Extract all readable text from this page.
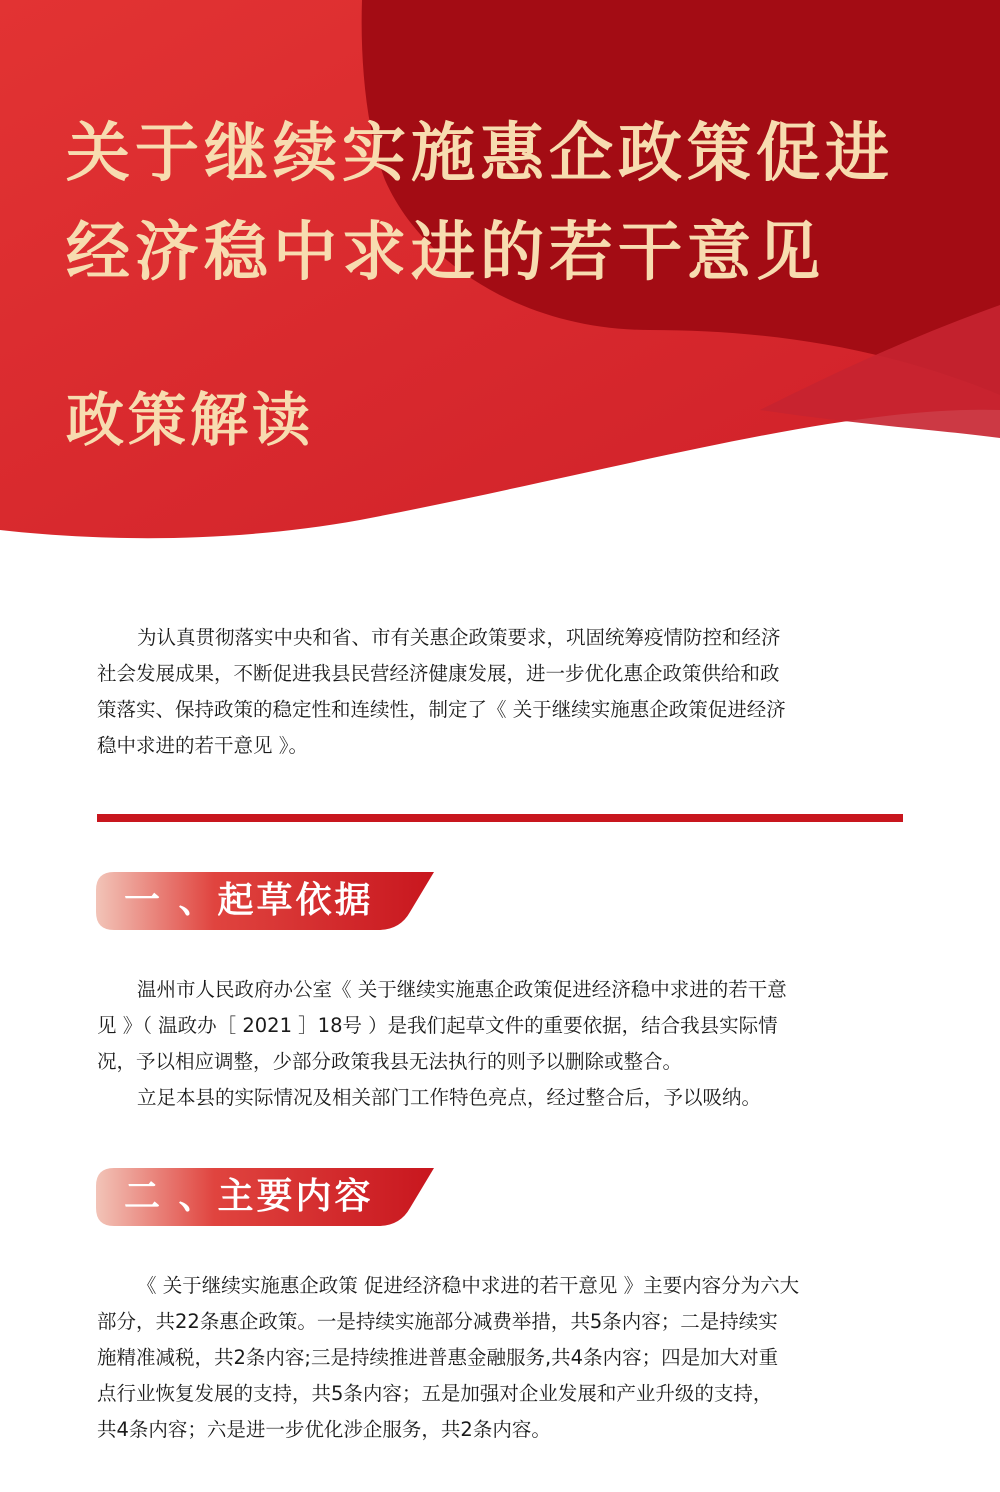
关于继续实施惠企政策促进
经济稳中求进的若干意见
政策解读
为认真贯彻落实中央和省、市有关惠企政策要求，巩固统筹疫情防控和经济
社会发展成果，不断促进我县民营经济健康发展，进一步优化惠企政策供给和政
策落实、保持政策的稳定性和连续性，制定了《 关于继续实施惠企政策促进经济
稳中求进的若干意见 》。
一 、起草依据
温州市人民政府办公室《 关于继续实施惠企政策促进经济稳中求进的若干意
见 》（ 温政办［ 2021 ］18号 ）是我们起草文件的重要依据，结合我县实际情
况，予以相应调整，少部分政策我县无法执行的则予以删除或整合。
立足本县的实际情况及相关部门工作特色亮点，经过整合后，予以吸纳。
二 、主要内容
《 关于继续实施惠企政策 促进经济稳中求进的若干意见 》主要内容分为六大
部分，共22条惠企政策。一是持续实施部分减费举措，共5条内容；二是持续实
施精准减税，共2条内容;三是持续推进普惠金融服务,共4条内容；四是加大对重
点行业恢复发展的支持，共5条内容；五是加强对企业发展和产业升级的支持，
共4条内容；六是进一步优化涉企服务，共2条内容。
